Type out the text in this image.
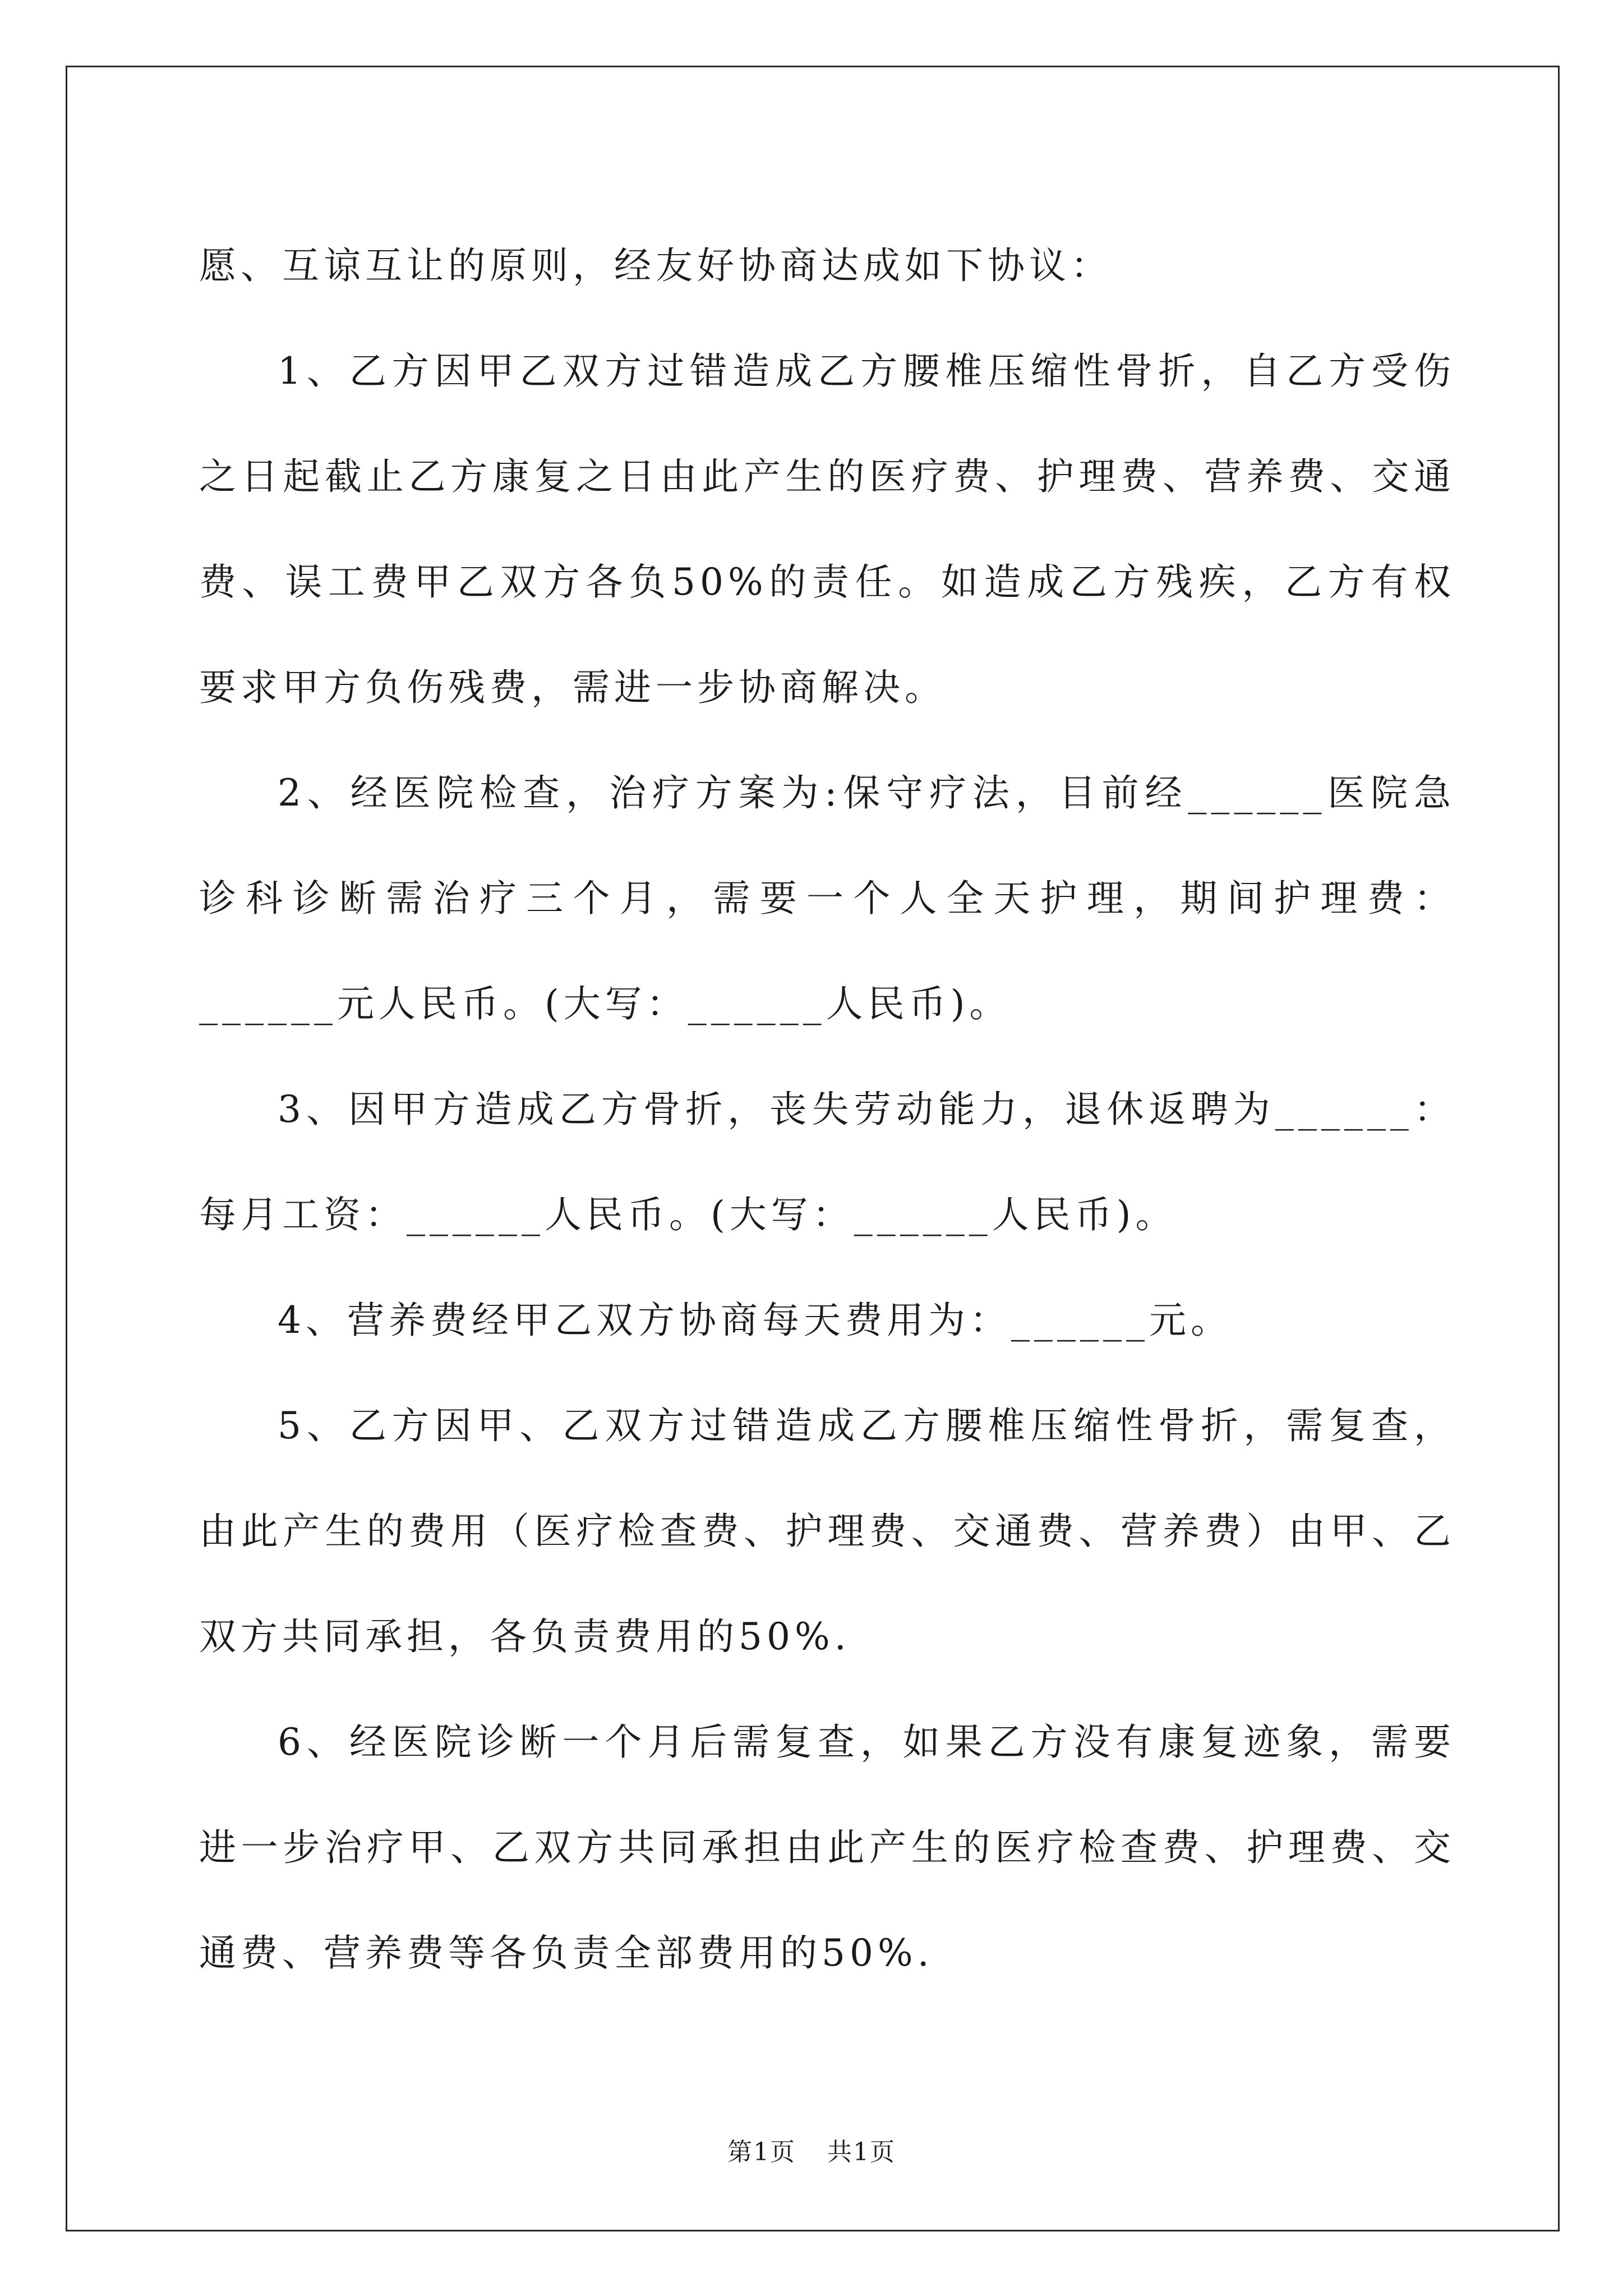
愿、互谅互让的原则，经友好协商达成如下协议：

1、乙方因甲乙双方过错造成乙方腰椎压缩性骨折，自乙方受伤之日起截止乙方康复之日由此产生的医疗费、护理费、营养费、交通费、误工费甲乙双方各负50%的责任。如造成乙方残疾，乙方有权要求甲方负伤残费，需进一步协商解决。

2、经医院检查，治疗方案为:保守疗法，目前经______医院急诊科诊断需治疗三个月，需要一个人全天护理，期间护理费：______元人民币。(大写：______人民币)。

3、因甲方造成乙方骨折，丧失劳动能力，退休返聘为______：每月工资：______人民币。(大写：______人民币)。

4、营养费经甲乙双方协商每天费用为：______元。

5、乙方因甲、乙双方过错造成乙方腰椎压缩性骨折，需复查，由此产生的费用（医疗检查费、护理费、交通费、营养费）由甲、乙双方共同承担，各负责费用的50%.

6、经医院诊断一个月后需复查，如果乙方没有康复迹象，需要进一步治疗甲、乙双方共同承担由此产生的医疗检查费、护理费、交通费、营养费等各负责全部费用的50%.

第1页 共1页
